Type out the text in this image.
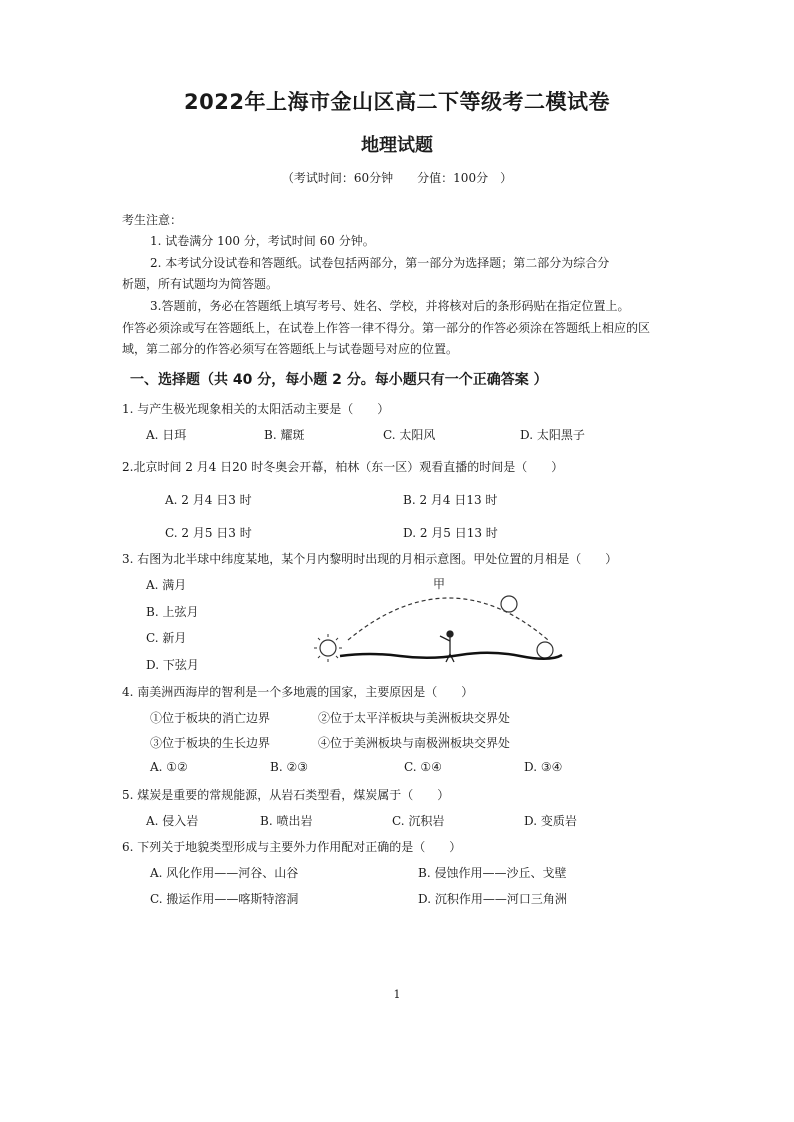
2022年上海市金山区高二下等级考二模试卷
地理试题
（考试时间：60分钟　　分值：100分　）
考生注意：
1. 试卷满分 100 分，考试时间 60 分钟。
2. 本考试分设试卷和答题纸。试卷包括两部分，第一部分为选择题；第二部分为综合分
析题，所有试题均为简答题。
3.答题前，务必在答题纸上填写考号、姓名、学校，并将核对后的条形码贴在指定位置上。
作答必须涂或写在答题纸上，在试卷上作答一律不得分。第一部分的作答必须涂在答题纸上相应的区
域，第二部分的作答必须写在答题纸上与试卷题号对应的位置。
一、选择题（共 40 分，每小题 2 分。每小题只有一个正确答案 ）
1. 与产生极光现象相关的太阳活动主要是（　　）
A. 日珥	B. 耀斑	C. 太阳风	D. 太阳黑子
2.北京时间 2 月4 日20 时冬奥会开幕，柏林（东一区）观看直播的时间是（　　）
A. 2 月4 日3 时	B. 2 月4 日13 时
C. 2 月5 日3 时	D. 2 月5 日13 时
3. 右图为北半球中纬度某地，某个月内黎明时出现的月相示意图。甲处位置的月相是（　　）
A. 满月
B. 上弦月
C. 新月
D. 下弦月
甲
4. 南美洲西海岸的智利是一个多地震的国家，主要原因是（　　）
①位于板块的消亡边界	②位于太平洋板块与美洲板块交界处
③位于板块的生长边界	④位于美洲板块与南极洲板块交界处
A. ①②	B. ②③	C. ①④	D. ③④
5. 煤炭是重要的常规能源，从岩石类型看，煤炭属于（　　）
A. 侵入岩	B. 喷出岩	C. 沉积岩	D. 变质岩
6. 下列关于地貌类型形成与主要外力作用配对正确的是（　　）
A. 风化作用——河谷、山谷	B. 侵蚀作用——沙丘、戈壁
C. 搬运作用——喀斯特溶洞	D. 沉积作用——河口三角洲
1
